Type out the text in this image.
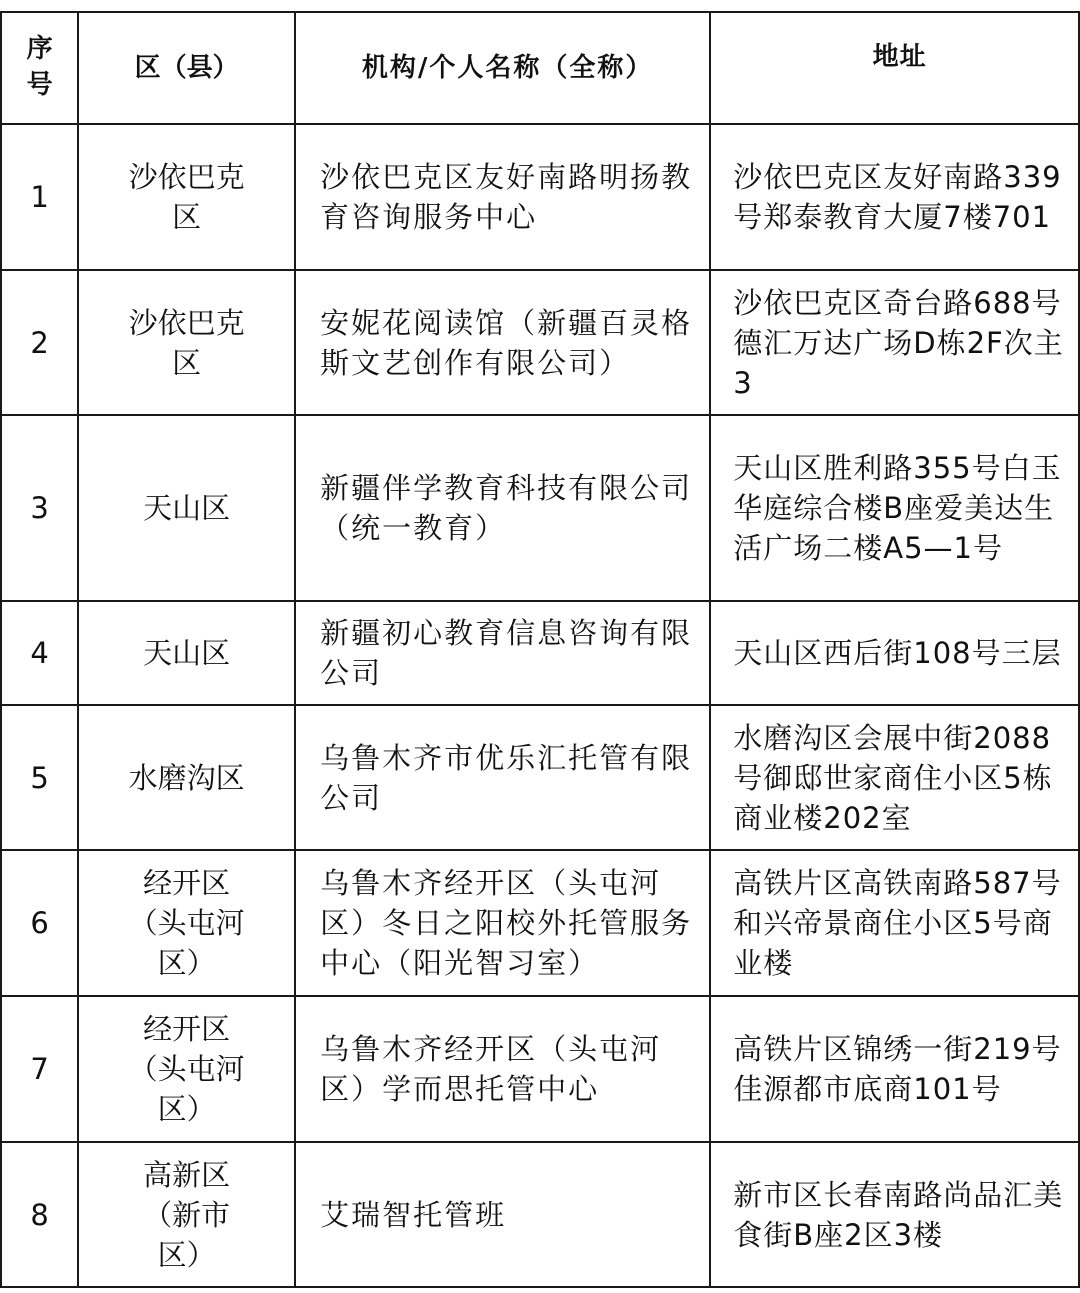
序号	区（县）	机构/个人名称（全称）	地址
1	沙依巴克区	沙依巴克区友好南路明扬教育咨询服务中心	沙依巴克区友好南路339号郑泰教育大厦7楼701

2	沙依巴克区	安妮花阅读馆（新疆百灵格斯文艺创作有限公司）	沙依巴克区奇台路688号德汇万达广场D栋2F次主3

3	天山区	新疆伴学教育科技有限公司（统一教育）	天山区胜利路355号白玉华庭综合楼B座爱美达生活广场二楼A5—1号

4	天山区	新疆初心教育信息咨询有限公司	天山区西后街108号三层

5	水磨沟区	乌鲁木齐市优乐汇托管有限公司	水磨沟区会展中街2088号御邸世家商住小区5栋商业楼202室

6	经开区（头屯河区）	乌鲁木齐经开区（头屯河区）冬日之阳校外托管服务中心（阳光智习室）	高铁片区高铁南路587号和兴帝景商住小区5号商业楼

7	经开区（头屯河区）	乌鲁木齐经开区（头屯河区）学而思托管中心	高铁片区锦绣一街219号佳源都市底商101号

8	高新区（新市区）	艾瑞智托管班	新市区长春南路尚品汇美食街B座2区3楼
